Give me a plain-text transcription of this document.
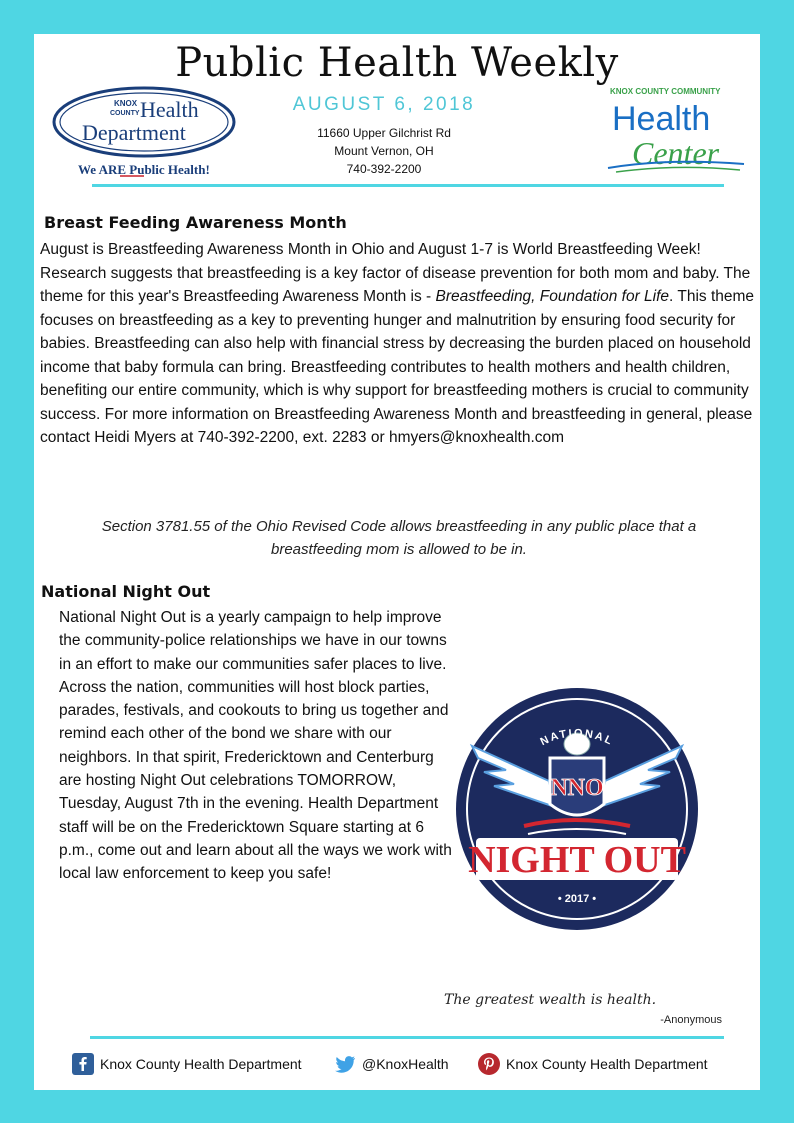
Public Health Weekly
KNOX
COUNTY Health
Department
We ARE Public Health!
AUGUST 6, 2018
11660 Upper Gilchrist Rd
Mount Vernon, OH
740-392-2200
KNOX COUNTY COMMUNITY
Health
Center
Breast Feeding Awareness Month

August is Breastfeeding Awareness Month in Ohio and August 1-7 is World Breastfeeding Week! Research suggests that breastfeeding is a key factor of disease prevention for both mom and baby. The theme for this year's Breastfeeding Awareness Month is - Breastfeeding, Foundation for Life. This theme focuses on breastfeeding as a key to preventing hunger and malnutrition by ensuring food security for babies. Breastfeeding can also help with financial stress by decreasing the burden placed on household income that baby formula can bring. Breastfeeding contributes to health mothers and health children, benefiting our entire community, which is why support for breastfeeding mothers is crucial to community success. For more information on Breastfeeding Awareness Month and breastfeeding in general, please contact Heidi Myers at 740-392-2200, ext. 2283 or hmyers@knoxhealth.com

Section 3781.55 of the Ohio Revised Code allows breastfeeding in any public place that a breastfeeding mom is allowed to be in.
National Night Out
National Night Out is a yearly campaign to help improve the community-police relationships we have in our towns in an effort to make our communities safer places to live. Across the nation, communities will host block parties, parades, festivals, and cookouts to bring us together and remind each other of the bond we share with our neighbors. In that spirit, Fredericktown and Centerburg are hosting Night Out celebrations TOMORROW, Tuesday, August 7th in the evening. Health Department staff will be on the Fredericktown Square starting at 6 p.m., come out and learn about all the ways we work with local law enforcement to keep you safe!
NNO
NATIONAL
NIGHT OUT
• 2017 •
The greatest wealth is health.
-Anonymous
Knox County Health Department	@KnoxHealth	Knox County Health Department
